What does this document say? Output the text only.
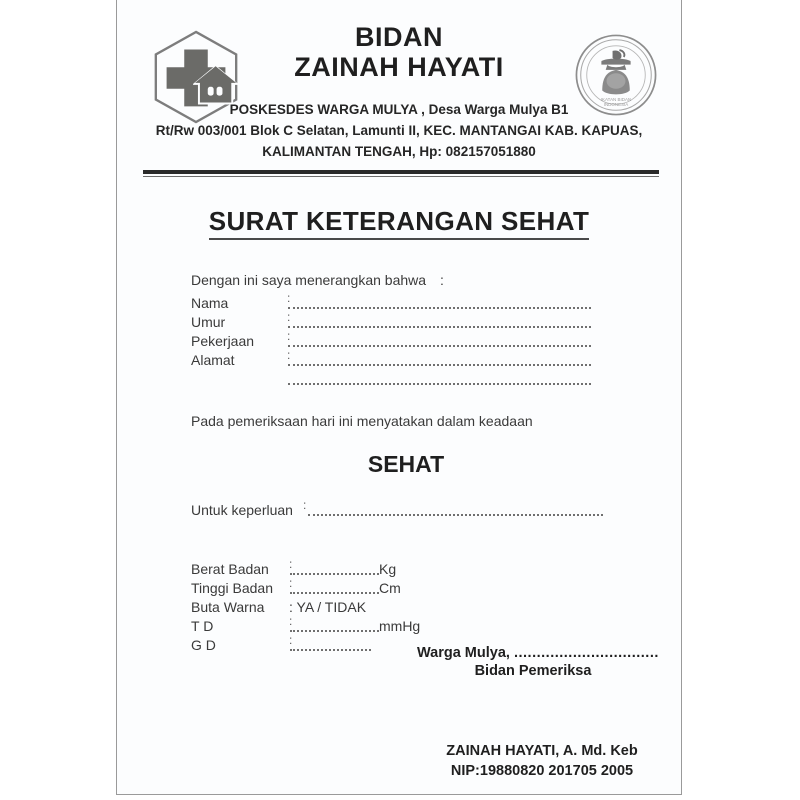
BIDAN
ZAINAH HAYATI
POSKESDES WARGA MULYA , Desa Warga Mulya B1
Rt/Rw 003/001 Blok C Selatan, Lamunti II, KEC. MANTANGAI KAB. KAPUAS,
KALIMANTAN TENGAH, Hp: 082157051880
IKATAN BIDAN
INDONESIA
SURAT KETERANGAN SEHAT
Dengan ini saya menerangkan bahwa :
Nama	
:

Umur	
:

Pekerjaan	
:

Alamat	
:

Pada pemeriksaan hari ini menyatakan dalam keadaan
SEHAT
Untuk keperluan
:
Berat Badan	:Kg
Tinggi Badan	:Cm
Buta Warna	: YA / TIDAK
T D	:mmHg
G D	:	Warga Mulya, ................................
Bidan Pemeriksa
ZAINAH HAYATI, A. Md. Keb
NIP:19880820 201705 2005
